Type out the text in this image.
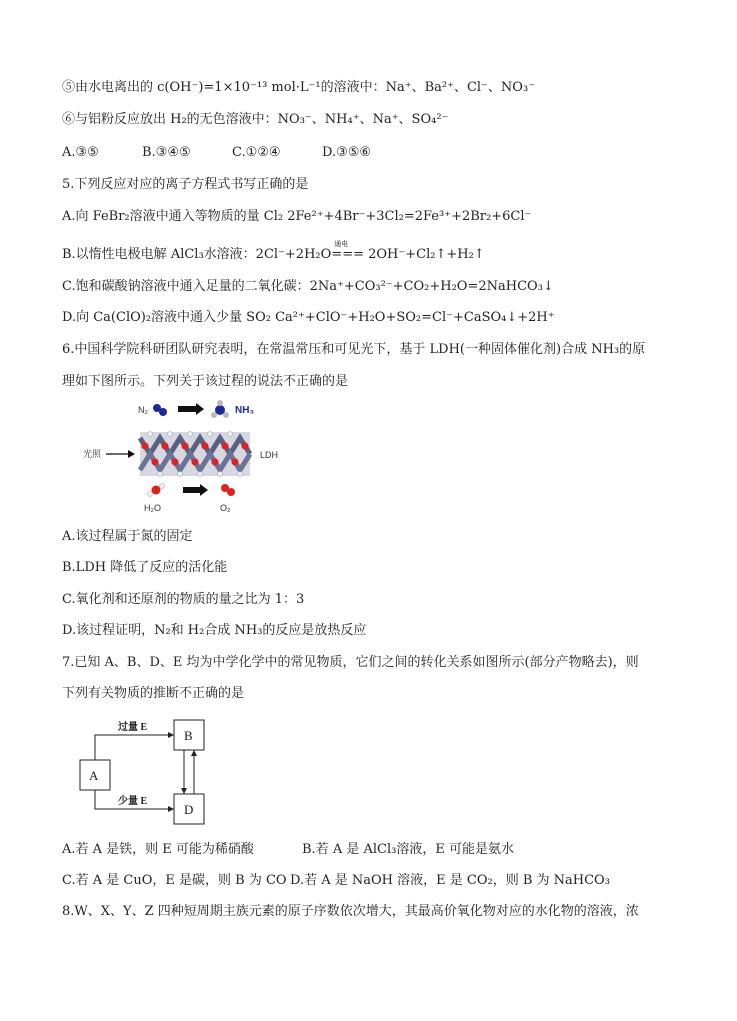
⑤由水电离出的 c(OH⁻)=1×10⁻¹³ mol·L⁻¹的溶液中：Na⁺、Ba²⁺、Cl⁻、NO₃⁻
⑥与铝粉反应放出 H₂的无色溶液中：NO₃⁻、NH₄⁺、Na⁺、SO₄²⁻
A.③⑤	B.③④⑤	C.①②④	D.③⑤⑥
5.下列反应对应的离子方程式书写正确的是
A.向 FeBr₂溶液中通入等物质的量 Cl₂ 2Fe²⁺+4Br⁻+3Cl₂=2Fe³⁺+2Br₂+6Cl⁻
B.以惰性电极电解 AlCl₃水溶液：2Cl⁻+2H₂O
通电
=== 2OH⁻+Cl₂↑+H₂↑
C.饱和碳酸钠溶液中通入足量的二氧化碳：2Na⁺+CO₃²⁻+CO₂+H₂O=2NaHCO₃↓
D.向 Ca(ClO)₂溶液中通入少量 SO₂ Ca²⁺+ClO⁻+H₂O+SO₂=Cl⁻+CaSO₄↓+2H⁺
6.中国科学院科研团队研究表明，在常温常压和可见光下，基于 LDH(一种固体催化剂)合成 NH₃的原
理如下图所示。下列关于该过程的说法不正确的是
N₂	NH₃
光照	LDH
H₂O	O₂
A.该过程属于氮的固定
B.LDH 降低了反应的活化能
C.氧化剂和还原剂的物质的量之比为 1：3
D.该过程证明，N₂和 H₂合成 NH₃的反应是放热反应
7.已知 A、B、D、E 均为中学化学中的常见物质，它们之间的转化关系如图所示(部分产物略去)，则
下列有关物质的推断不正确的是
A
B
D
过量 E
少量 E
A.若 A 是铁，则 E 可能为稀硝酸	B.若 A 是 AlCl₃溶液，E 可能是氨水
C.若 A 是 CuO，E 是碳，则 B 为 CO D.若 A 是 NaOH 溶液，E 是 CO₂，则 B 为 NaHCO₃
8.W、X、Y、Z 四种短周期主族元素的原子序数依次增大，其最高价氧化物对应的水化物的溶液，浓
